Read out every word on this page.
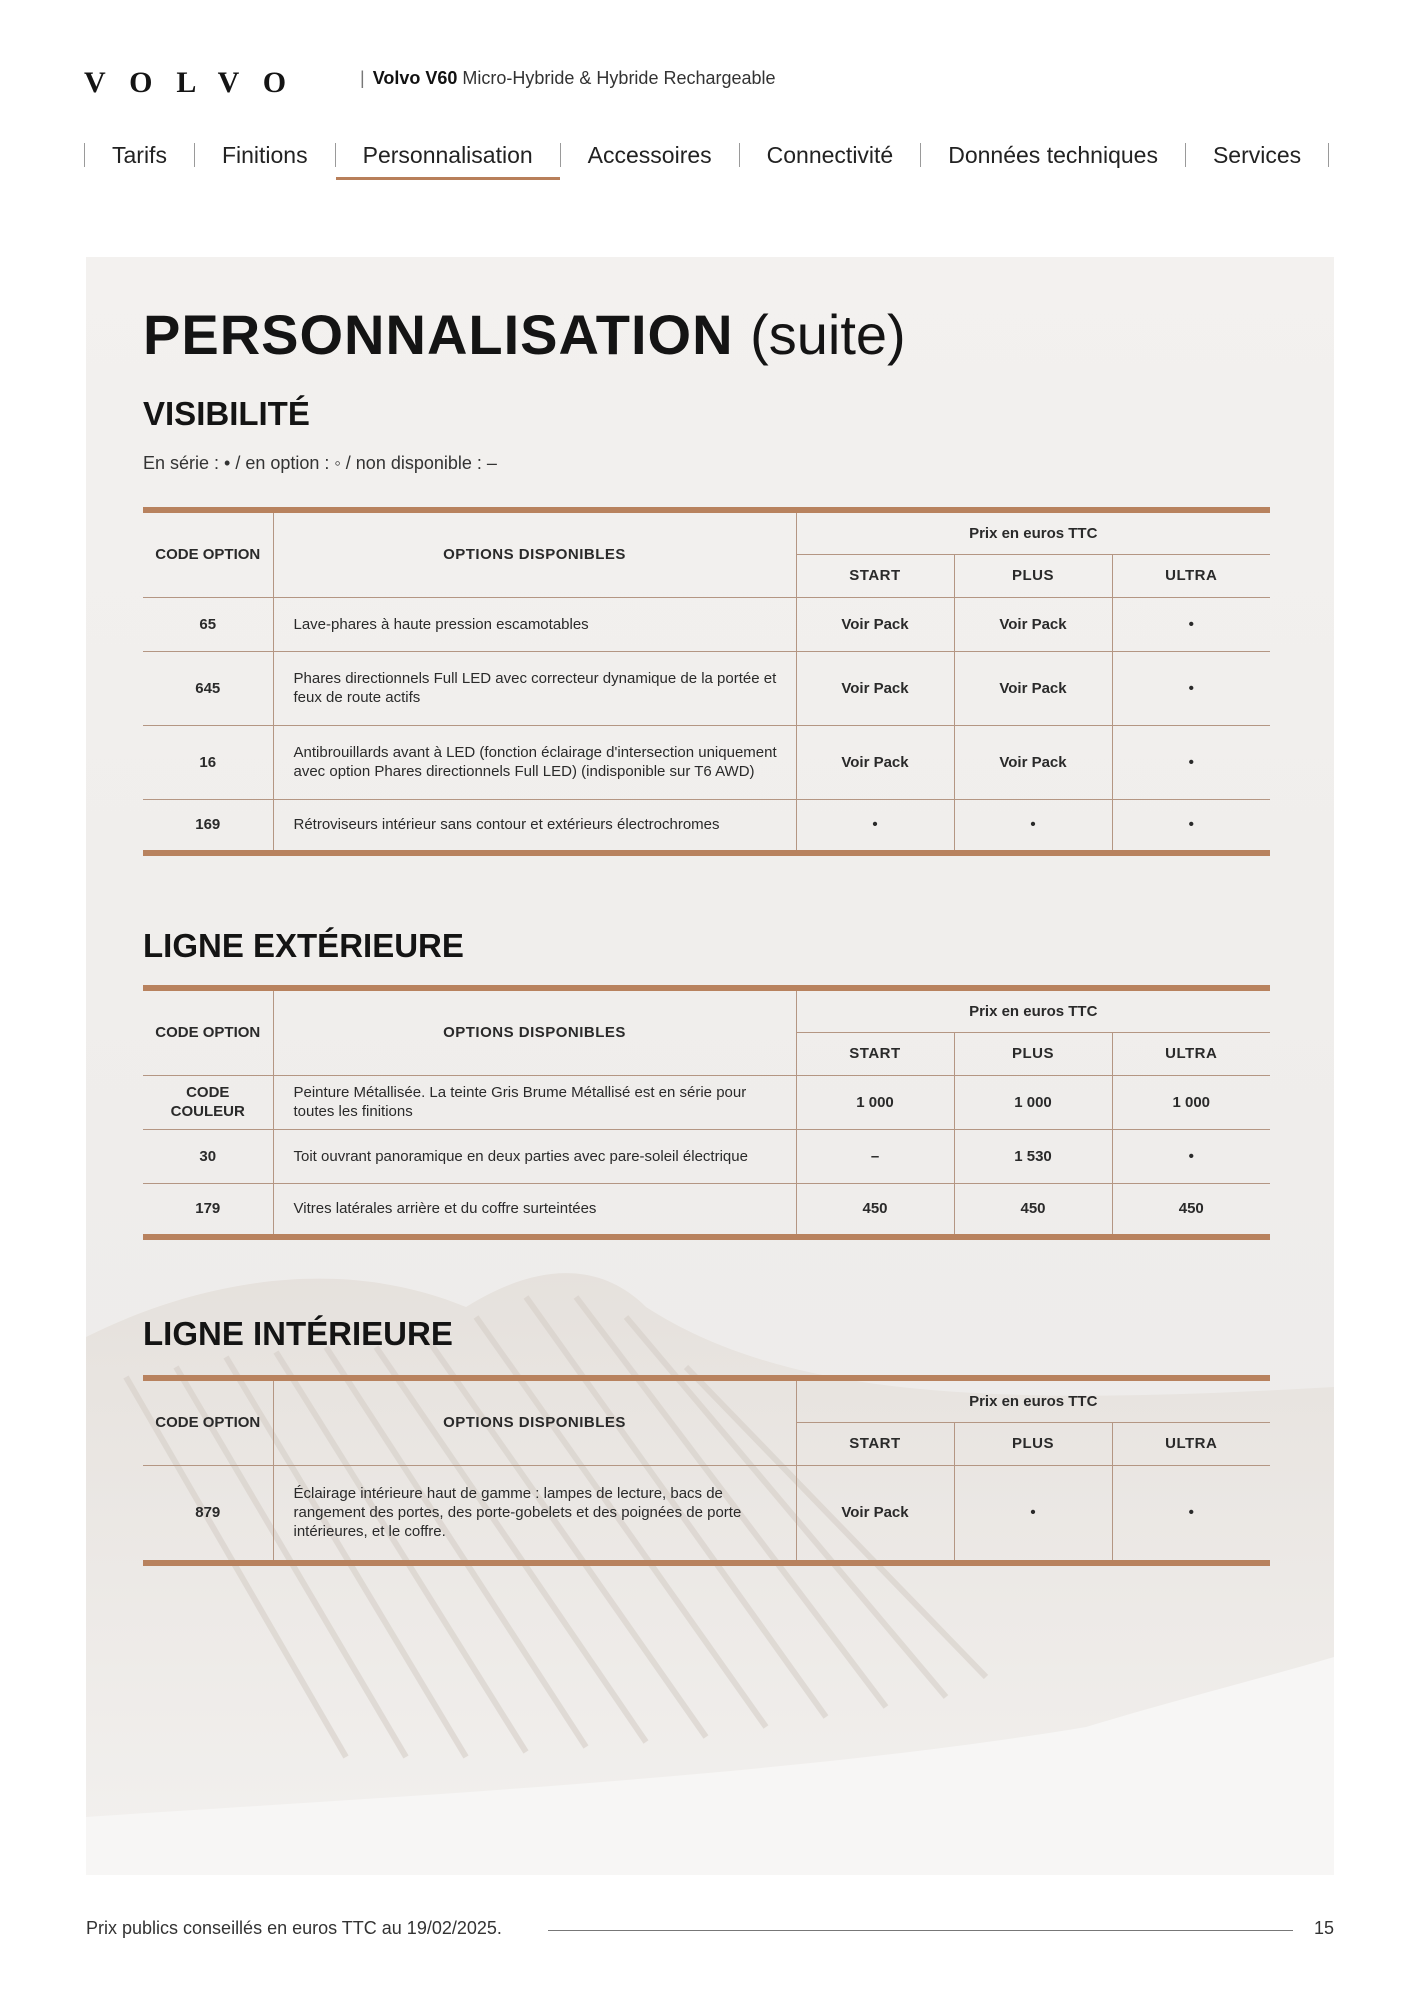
VOLVO	| Volvo V60 Micro-Hybride & Hybride Rechargeable
Tarifs	Finitions	Personnalisation	Accessoires	Connectivité	Données techniques	Services
PERSONNALISATION (suite)
VISIBILITÉ
En série : • / en option : ◦ / non disponible : –
CODE OPTION	OPTIONS DISPONIBLES	Prix en euros TTC		
		START	PLUS	ULTRA
65	Lave-phares à haute pression escamotables	Voir Pack	Voir Pack	•
645	Phares directionnels Full LED avec correcteur dynamique de la portée et feux de route actifs	Voir Pack	Voir Pack	•
16	Antibrouillards avant à LED (fonction éclairage d'intersection uniquement avec option Phares directionnels Full LED) (indisponible sur T6 AWD)	Voir Pack	Voir Pack	•
169	Rétroviseurs intérieur sans contour et extérieurs électrochromes	•	•	•
LIGNE EXTÉRIEURE
CODE OPTION	OPTIONS DISPONIBLES	Prix en euros TTC		
		START	PLUS	ULTRA
CODE COULEUR	Peinture Métallisée. La teinte Gris Brume Métallisé est en série pour toutes les finitions	1 000	1 000	1 000
30	Toit ouvrant panoramique en deux parties avec pare-soleil électrique	–	1 530	•
179	Vitres latérales arrière et du coffre surteintées	450	450	450
LIGNE INTÉRIEURE
CODE OPTION	OPTIONS DISPONIBLES	Prix en euros TTC		
		START	PLUS	ULTRA
879	Éclairage intérieure haut de gamme : lampes de lecture, bacs de rangement des portes, des porte-gobelets et des poignées de porte intérieures, et le coffre.	Voir Pack	•	•
Prix publics conseillés en euros TTC au 19/02/2025.	15
